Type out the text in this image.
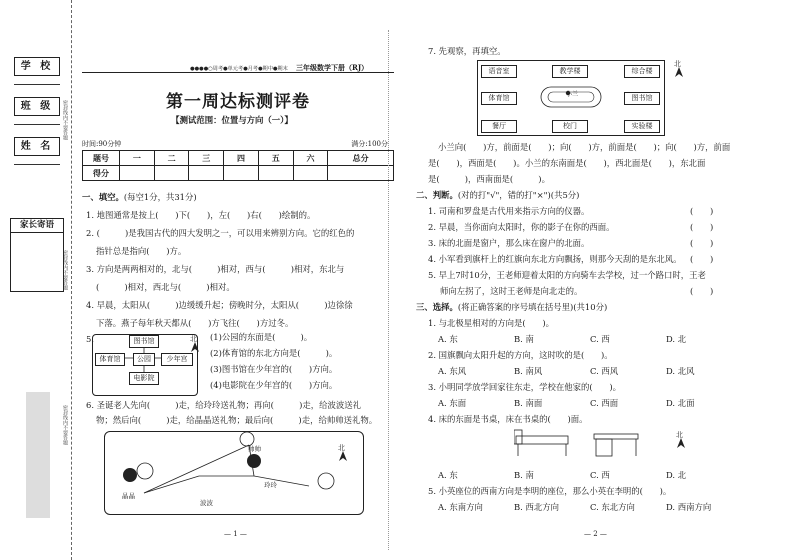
学 校
班 级
姓 名
密封线内不要答题
密封线内不要答题
密封线内不要答题
家长寄语
●●●●○周考●单元考●月考●期中●期末 三年级数学下册（RJ）
第一周达标测评卷
【测试范围：位置与方向（一）】
时间:90分钟	满分:100分
题号	一	二	三	四	五	六	总分
得分							
一、填空。(每空1分，共31分)
1. 地图通常是按上(　　)下(　　)，左(　　)右(　　)绘制的。
2. (　　　)是我国古代的四大发明之一，可以用来辨别方向。它的红色的
指针总是指向(　　)方。
3. 方向是两两相对的，北与(　　　)相对，西与(　　　)相对，东北与
(　　　)相对，西北与(　　　)相对。
4. 早晨，太阳从(　　　)边缓缓升起；傍晚时分，太阳从(　　　)边徐徐
下落。燕子每年秋天都从(　　)方飞往(　　)方过冬。
5.	图书馆
体育馆	公园	少年宫
电影院
北 (1)公园的东面是(　　　)。
(2)体育馆的东北方向是(　　　)。
(3)图书馆在少年宫的(　　)方向。
(4)电影院在少年宫的(　　)方向。
6. 圣诞老人先向(　　　)走，给玲玲送礼物；再向(　　　)走，给波波送礼
物；然后向(　　　)走，给晶晶送礼物；最后向(　　　)走，给帅帅送礼物。
帅帅
晶晶
玲玲
波波
北
— 1 —
7. 先观察，再填空。
语音室	教学楼	综合楼
体育馆	图书馆
餐厅	校门	实验楼
小兰
北
小兰向(　　)方，前面是(　　)；向(　　)方，前面是(　　)；向(　　)方，前面
是(　　)，西面是(　　)。小兰的东南面是(　　)，西北面是(　　)，东北面
是(　　　)，西南面是(　　　)。
二、判断。(对的打"√"，错的打"×")(共5分)
1. 司南和罗盘是古代用来指示方向的仪器。	(　　)
2. 早晨，当你面向太阳时，你的影子在你的西面。	(　　)
3. 床的北面是窗户，那么床在窗户的北面。	(　　)
4. 小军看到旗杆上的红旗向东北方向飘扬，则那今天刮的是东北风。 (　　)
5. 早上7时10分，王老师迎着太阳的方向骑车去学校，过一个路口时，王老
师向左拐了，这时王老师是向北走的。	(　　)
三、选择。(将正确答案的序号填在括号里)(共10分)
1. 与北极星相对的方向是(　　)。
A. 东	B. 南	C. 西	D. 北
2. 国旗飘向太阳升起的方向，这时吹的是(　　)。
A. 东风	B. 南风	C. 西风	D. 北风
3. 小明同学放学回家往东走，学校在他家的(　　)。
A. 东面	B. 南面	C. 西面	D. 北面
4. 床的东面是书桌，床在书桌的(　　)面。
北
A. 东	B. 南	C. 西	D. 北
5. 小英座位的西南方向是李明的座位，那么小英在李明的(　　)。
A. 东南方向	B. 西北方向	C. 东北方向	D. 西南方向
— 2 —
